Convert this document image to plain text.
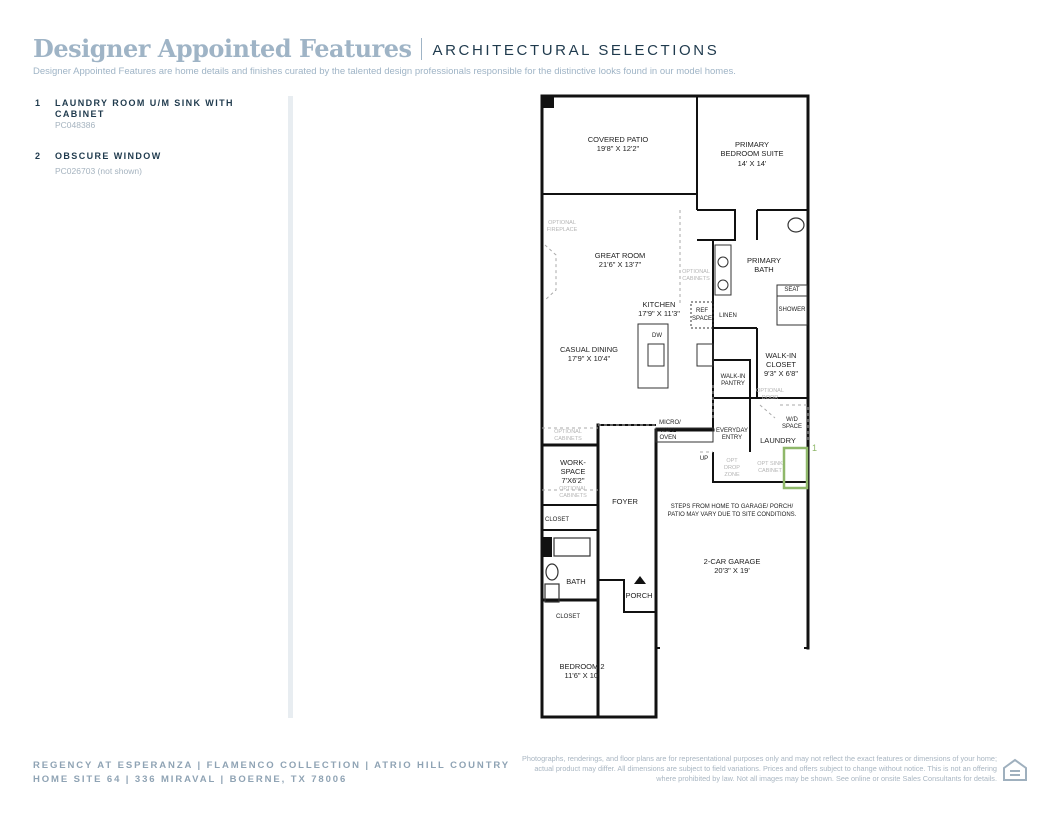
Designer Appointed Features ARCHITECTURAL SELECTIONS
Designer Appointed Features are home details and finishes curated by the talented design professionals responsible for the distinctive looks found in our model homes.
1 LAUNDRY ROOM U/M SINK WITH CABINET
PC048386
2 OBSCURE WINDOW
PC026703 (not shown)
COVERED PATIO
19'8" X 12'2"	PRIMARY
BEDROOM SUITE
14' X 14'
GREAT ROOM
21'6" X 13'7"	PRIMARY
BATH
KITCHEN
17'9" X 11'3"
CASUAL DINING
17'9" X 10'4"	WALK-IN
CLOSET
9'3" X 6'8"
LAUNDRY
WORK-
SPACE
7'X6'2"
FOYER
2-CAR GARAGE
20'3" X 19'
BATH
PORCH
BEDROOM 2
11'6" X 10'
WALK-IN
PANTRY
EVERYDAY
ENTRY
CLOSET
CLOSET
REF
SPACE LINEN
SEAT
SHOWER
DW
MICRO/
WALL
OVEN
W/D
SPACE
UP
STEPS FROM HOME TO GARAGE/ PORCH/
PATIO MAY VARY DUE TO SITE CONDITIONS.
OPTIONAL
FIREPLACE
OPTIONAL
CABINETS
OPTIONAL
DOOR
OPTIONAL
CABINETS
OPTIONAL
CABINETS
OPT
DROP
ZONE
OPT SINK
CABINET
1
REGENCY AT ESPERANZA | FLAMENCO COLLECTION | ATRIO HILL COUNTRY
HOME SITE 64 | 336 MIRAVAL | BOERNE, TX 78006
Photographs, renderings, and floor plans are for representational purposes only and may not reflect the exact features or dimensions of your home; actual product may differ. All dimensions are subject to field variations. Prices and offers subject to change without notice. This is not an offering where prohibited by law. Not all images may be shown. See online or onsite Sales Consultants for details.
